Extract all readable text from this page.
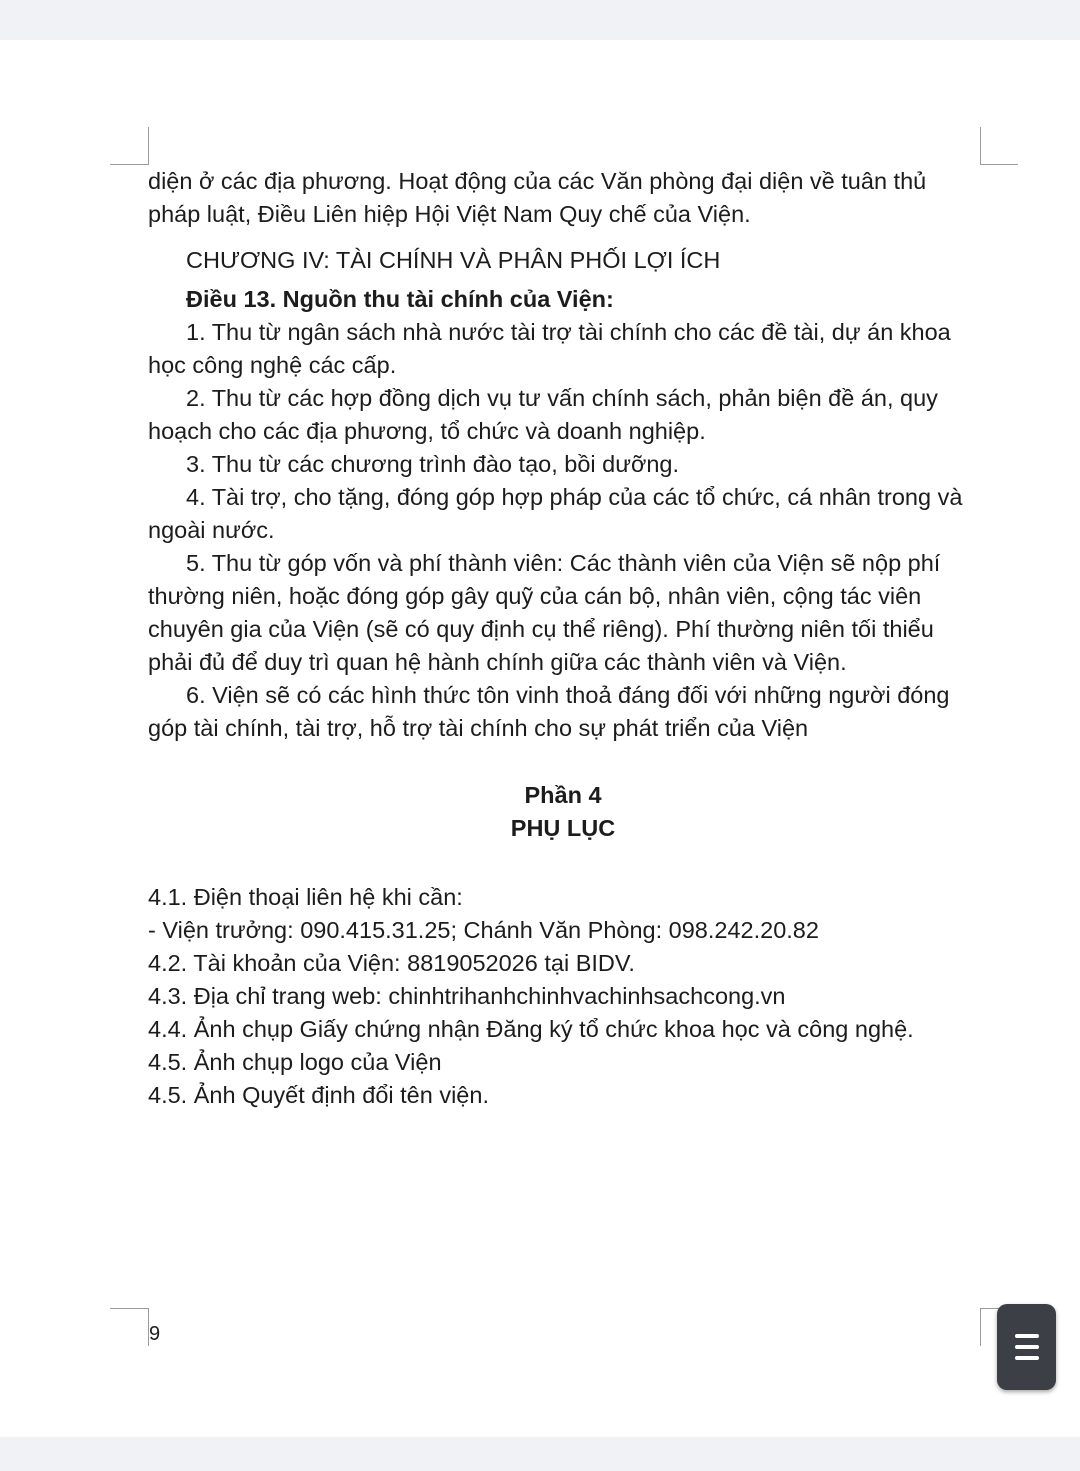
diện ở các địa phương. Hoạt động của các Văn phòng đại diện về tuân thủ

pháp luật, Điều Liên hiệp Hội Việt Nam Quy chế của Viện.

CHƯƠNG IV: TÀI CHÍNH VÀ PHÂN PHỐI LỢI ÍCH

Điều 13. Nguồn thu tài chính của Viện:

1. Thu từ ngân sách nhà nước tài trợ tài chính cho các đề tài, dự án khoa học công nghệ các cấp.

2. Thu từ các hợp đồng dịch vụ tư vấn chính sách, phản biện đề án, quy hoạch cho các địa phương, tổ chức và doanh nghiệp.

3. Thu từ các chương trình đào tạo, bồi dưỡng.

4. Tài trợ, cho tặng, đóng góp hợp pháp của các tổ chức, cá nhân trong và ngoài nước.

5. Thu từ góp vốn và phí thành viên: Các thành viên của Viện sẽ nộp phí thường niên, hoặc đóng góp gây quỹ của cán bộ, nhân viên, cộng tác viên chuyên gia của Viện (sẽ có quy định cụ thể riêng). Phí thường niên tối thiểu phải đủ để duy trì quan hệ hành chính giữa các thành viên và Viện.

6. Viện sẽ có các hình thức tôn vinh thoả đáng đối với những người đóng góp tài chính, tài trợ, hỗ trợ tài chính cho sự phát triển của Viện

Phần 4

PHỤ LỤC

4.1. Điện thoại liên hệ khi cần:

- Viện trưởng: 090.415.31.25; Chánh Văn Phòng: 098.242.20.82

4.2. Tài khoản của Viện: 8819052026 tại BIDV.

4.3. Địa chỉ trang web: chinhtrihanhchinhvachinhsachcong.vn

4.4. Ảnh chụp Giấy chứng nhận Đăng ký tổ chức khoa học và công nghệ.

4.5. Ảnh chụp logo của Viện

4.5. Ảnh Quyết định đổi tên viện.

9
